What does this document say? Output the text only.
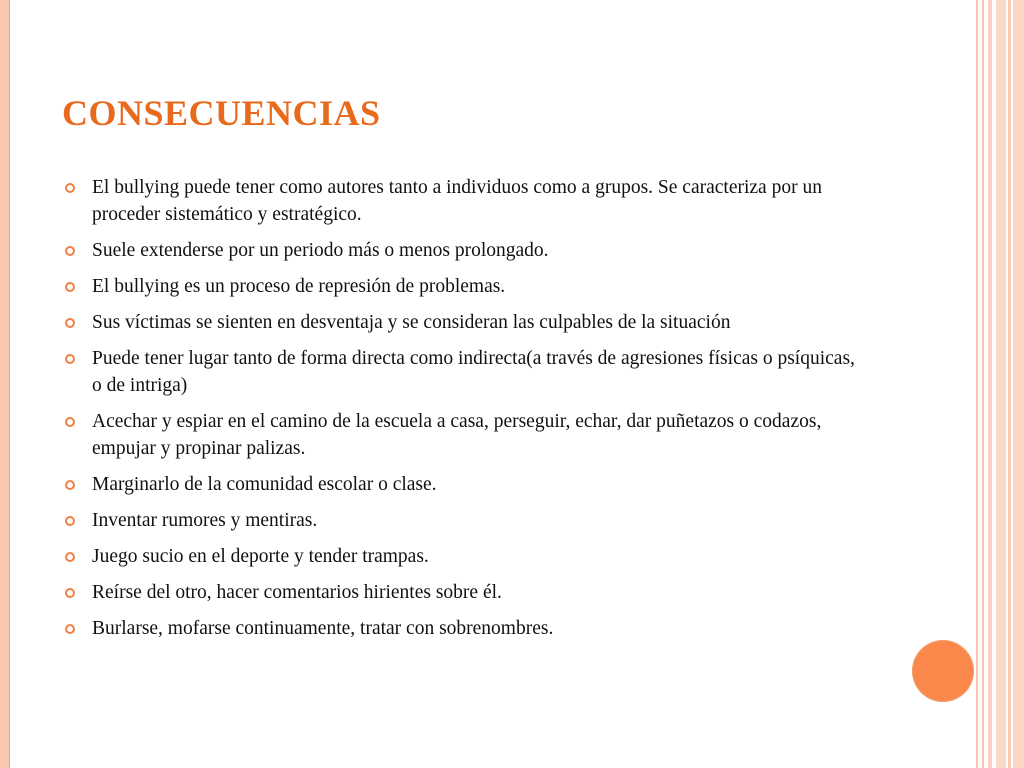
CONSECUENCIAS
El bullying puede tener como autores tanto a individuos como a grupos. Se caracteriza por un proceder sistemático y estratégico.
Suele extenderse por un periodo más o menos prolongado.
El bullying es un proceso de represión de problemas.
Sus víctimas se sienten en desventaja y se consideran las culpables de la situación
Puede tener lugar tanto de forma directa como indirecta(a través de agresiones físicas o psíquicas, o de intriga)
Acechar y espiar en el camino de la escuela a casa, perseguir, echar, dar puñetazos o codazos, empujar y propinar palizas.
Marginarlo de la comunidad escolar o clase.
Inventar rumores y mentiras.
Juego sucio en el deporte y tender trampas.
Reírse del otro, hacer comentarios hirientes sobre él.
Burlarse, mofarse continuamente, tratar con sobrenombres.
